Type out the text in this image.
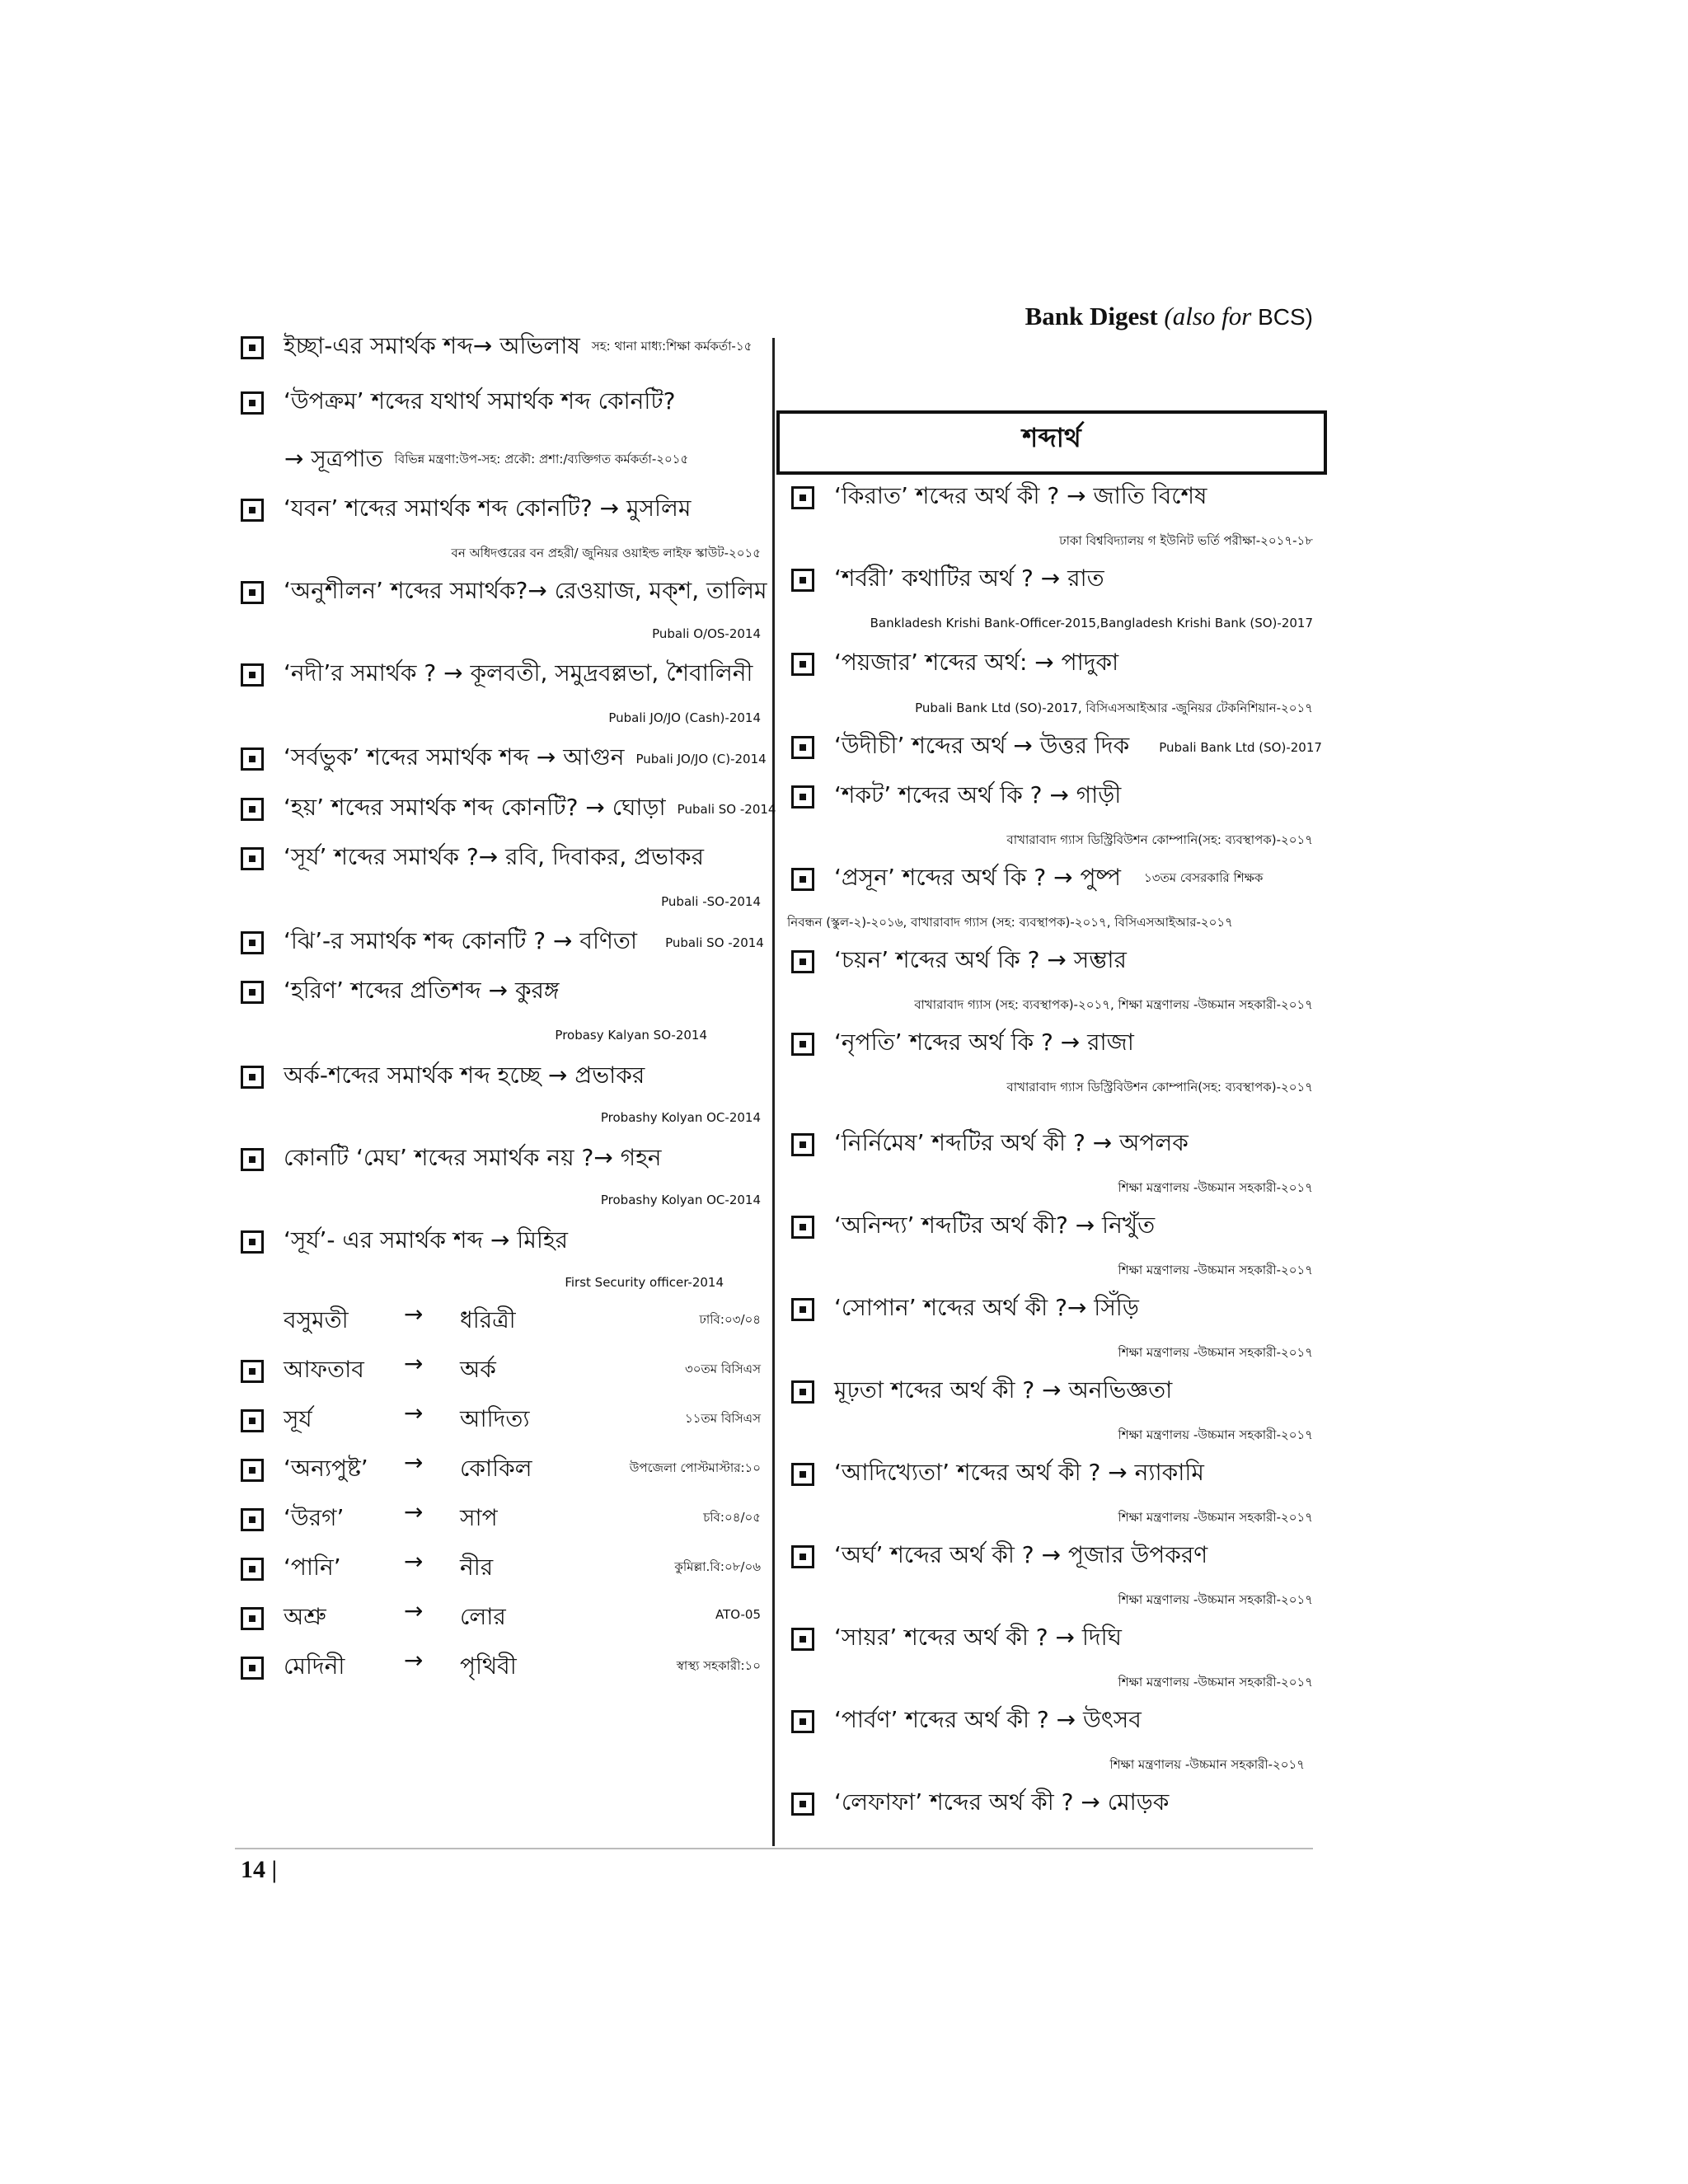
Bank Digest (also for BCS)
শব্দার্থ
ইচ্ছা-এর সমার্থক শব্দ→ অভিলাষ সহ: থানা মাধ্য:শিক্ষা কর্মকর্তা-১৫
‘উপক্রম’ শব্দের যথার্থ সমার্থক শব্দ কোনটি?
→ সূত্রপাত বিভিন্ন মন্ত্রণা:উপ-সহ: প্রকৌ: প্রশা:/ব্যক্তিগত কর্মকর্তা-২০১৫
‘যবন’ শব্দের সমার্থক শব্দ কোনটি? → মুসলিম
বন অধিদপ্তরের বন প্রহরী/ জুনিয়র ওয়াইল্ড লাইফ স্কাউট-২০১৫
‘অনুশীলন’ শব্দের সমার্থক?→ রেওয়াজ, মক্‌শ, তালিম
Pubali O/OS-2014
‘নদী’র সমার্থক ? → কূলবতী, সমুদ্রবল্লভা, শৈবালিনী
Pubali JO/JO (Cash)-2014
‘সর্বভুক’ শব্দের সমার্থক শব্দ → আগুন Pubali JO/JO (C)-2014
‘হয়’ শব্দের সমার্থক শব্দ কোনটি? → ঘোড়া Pubali SO -2014
‘সূর্য’ শব্দের সমার্থক ?→ রবি, দিবাকর, প্রভাকর
Pubali -SO-2014
‘ঝি’-র সমার্থক শব্দ কোনটি ? → বণিতা Pubali SO -2014
‘হরিণ’ শব্দের প্রতিশব্দ → কুরঙ্গ
Probasy Kalyan SO-2014
অর্ক-শব্দের সমার্থক শব্দ হচ্ছে → প্রভাকর
Probashy Kolyan OC-2014
কোনটি ‘মেঘ’ শব্দের সমার্থক নয় ?→ গহন
Probashy Kolyan OC-2014
‘সূর্য’- এর সমার্থক শব্দ → মিহির
First Security officer-2014
বসুমতী → ধরিত্রী	ঢাবি:০৩/০৪
আফতাব → অর্ক	৩০তম বিসিএস
সূর্য	→ আদিত্য	১১তম বিসিএস
‘অন্যপুষ্ট’ → কোকিল	উপজেলা পোস্টমাস্টার:১০
‘উরগ’	→ সাপ	চবি:০৪/০৫
‘পানি’	→ নীর	কুমিল্লা.বি:০৮/০৬
অশ্রু	→ লোর	ATO-05
মেদিনী	→ পৃথিবী	স্বাস্থ্য সহকারী:১০
‘কিরাত’ শব্দের অর্থ কী ? → জাতি বিশেষ
ঢাকা বিশ্ববিদ্যালয় গ ইউনিট ভর্তি পরীক্ষা-২০১৭-১৮
‘শর্বরী’ কথাটির অর্থ ? → রাত
Bankladesh Krishi Bank-Officer-2015,Bangladesh Krishi Bank (SO)-2017
‘পয়জার’ শব্দের অর্থ: → পাদুকা
Pubali Bank Ltd (SO)-2017, বিসিএসআইআর -জুনিয়র টেকনিশিয়ান-২০১৭
‘উদীচী’ শব্দের অর্থ → উত্তর দিক Pubali Bank Ltd (SO)-2017
‘শকট’ শব্দের অর্থ কি ? → গাড়ী
বাখারাবাদ গ্যাস ডিস্ট্রিবিউশন কোম্পানি(সহ: ব্যবস্থাপক)-২০১৭
‘প্রসূন’ শব্দের অর্থ কি ? → পুষ্প ১৩তম বেসরকারি শিক্ষক
নিবন্ধন (স্কুল-২)-২০১৬, বাখারাবাদ গ্যাস (সহ: ব্যবস্থাপক)-২০১৭, বিসিএসআইআর-২০১৭
‘চয়ন’ শব্দের অর্থ কি ? → সম্ভার
বাখারাবাদ গ্যাস (সহ: ব্যবস্থাপক)-২০১৭, শিক্ষা মন্ত্রণালয় -উচ্চমান সহকারী-২০১৭
‘নৃপতি’ শব্দের অর্থ কি ? → রাজা
বাখারাবাদ গ্যাস ডিস্ট্রিবিউশন কোম্পানি(সহ: ব্যবস্থাপক)-২০১৭
‘নির্নিমেষ’ শব্দটির অর্থ কী ? → অপলক
শিক্ষা মন্ত্রণালয় -উচ্চমান সহকারী-২০১৭
‘অনিন্দ্য’ শব্দটির অর্থ কী? → নিখুঁত
শিক্ষা মন্ত্রণালয় -উচ্চমান সহকারী-২০১৭
‘সোপান’ শব্দের অর্থ কী ?→ সিঁড়ি
শিক্ষা মন্ত্রণালয় -উচ্চমান সহকারী-২০১৭
মূঢ়তা শব্দের অর্থ কী ? → অনভিজ্ঞতা
শিক্ষা মন্ত্রণালয় -উচ্চমান সহকারী-২০১৭
‘আদিখ্যেতা’ শব্দের অর্থ কী ? → ন্যাকামি
শিক্ষা মন্ত্রণালয় -উচ্চমান সহকারী-২০১৭
‘অর্ঘ’ শব্দের অর্থ কী ? → পূজার উপকরণ
শিক্ষা মন্ত্রণালয় -উচ্চমান সহকারী-২০১৭
‘সায়র’ শব্দের অর্থ কী ? → দিঘি
শিক্ষা মন্ত্রণালয় -উচ্চমান সহকারী-২০১৭
‘পার্বণ’ শব্দের অর্থ কী ? → উৎসব
শিক্ষা মন্ত্রণালয় -উচ্চমান সহকারী-২০১৭
‘লেফাফা’ শব্দের অর্থ কী ? → মোড়ক
14 |
